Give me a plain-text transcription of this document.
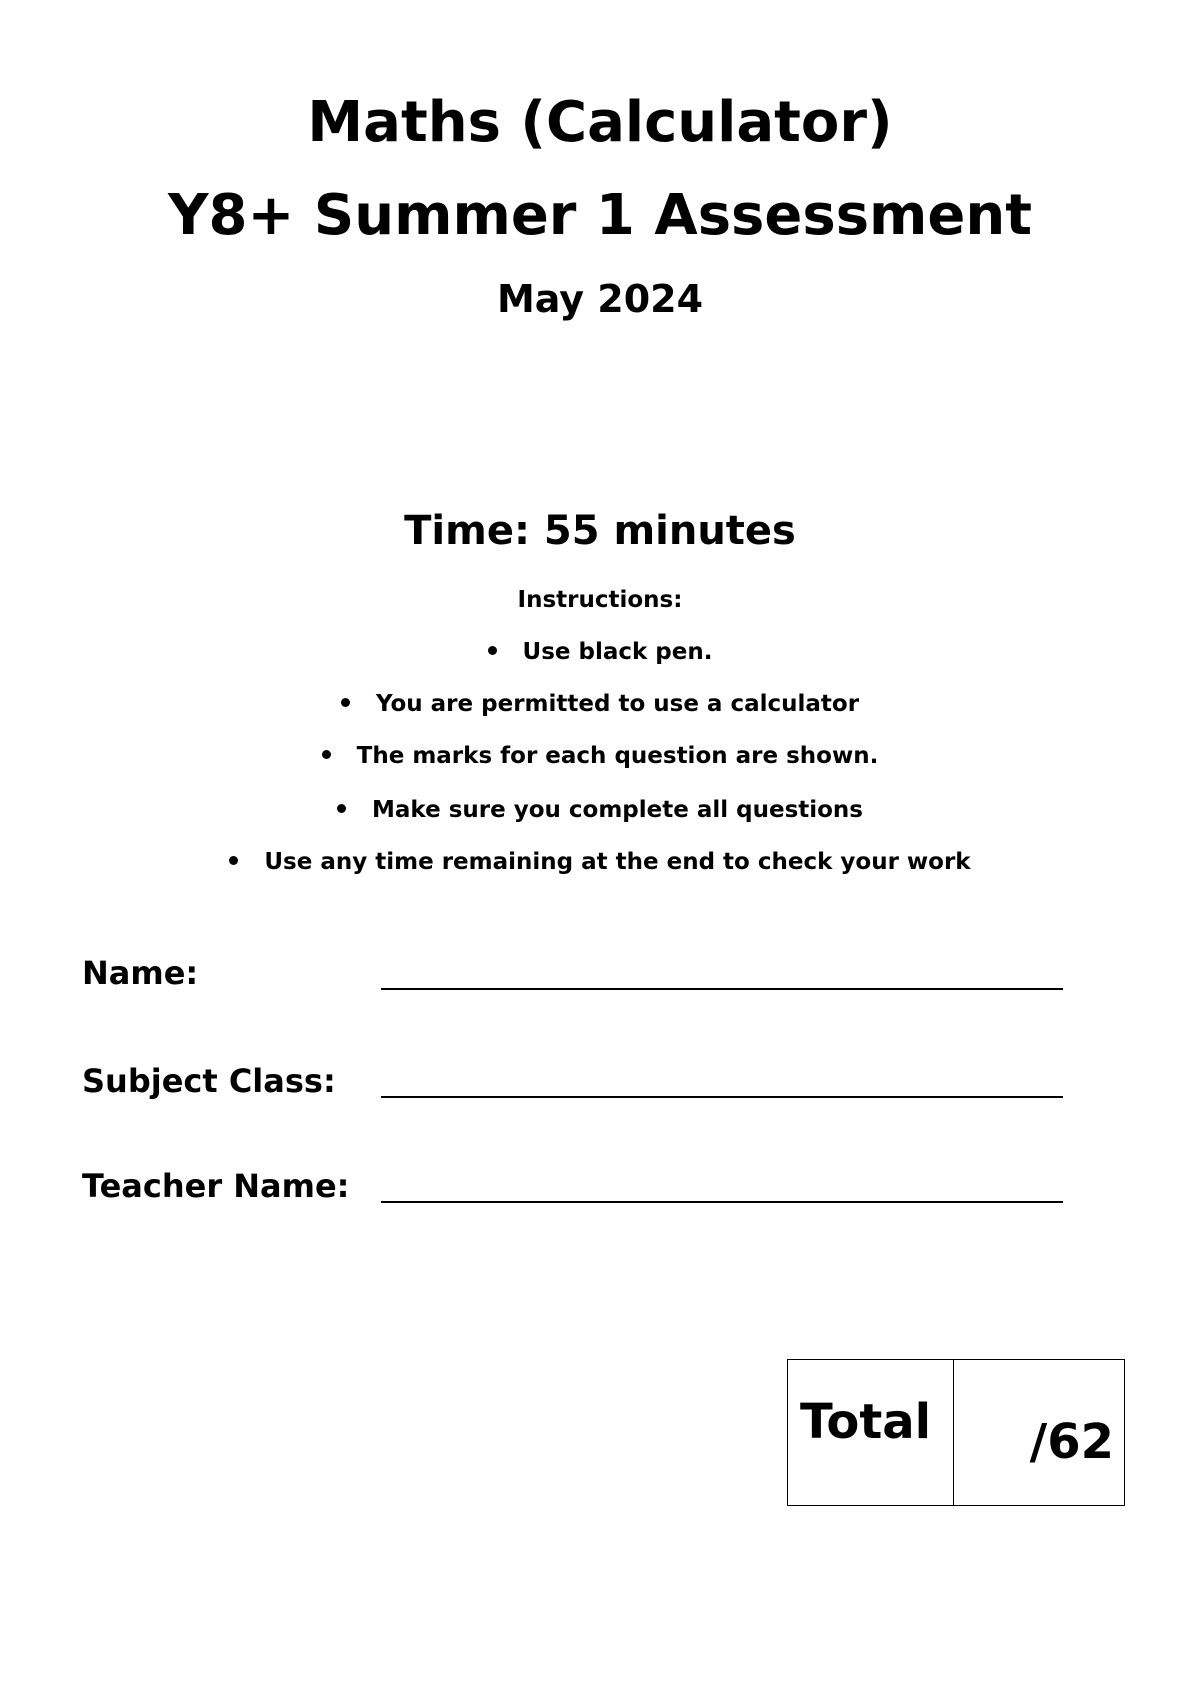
Maths (Calculator)
Y8+ Summer 1 Assessment
May 2024
Time: 55 minutes
Instructions:
Use black pen.
You are permitted to use a calculator
The marks for each question are shown.
Make sure you complete all questions
Use any time remaining at the end to check your work
Name:
Subject Class:
Teacher Name:
Total /62
